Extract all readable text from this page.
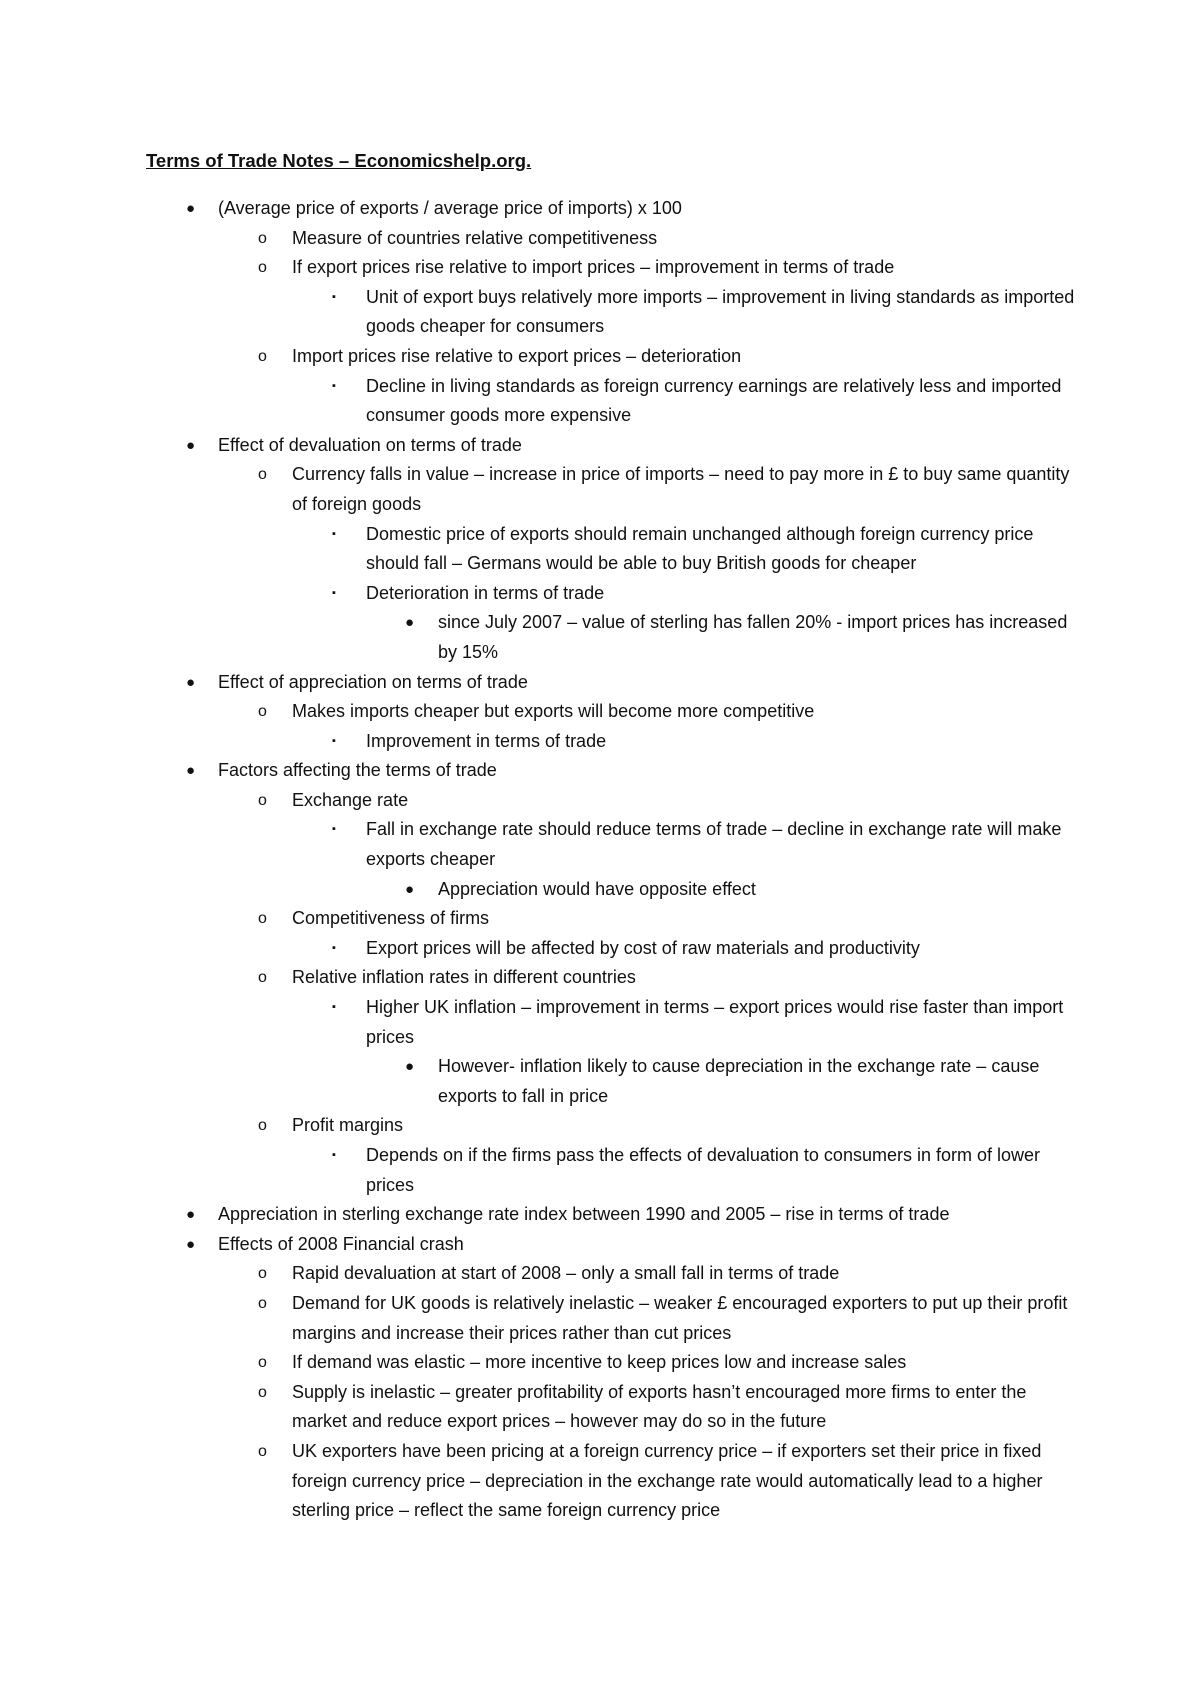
Terms of Trade Notes – Economicshelp.org.
● (Average price of exports / average price of imports) x 100
o Measure of countries relative competitiveness
o If export prices rise relative to import prices – improvement in terms of trade
▪ Unit of export buys relatively more imports – improvement in living standards as imported goods cheaper for consumers
o Import prices rise relative to export prices – deterioration
▪ Decline in living standards as foreign currency earnings are relatively less and imported consumer goods more expensive
● Effect of devaluation on terms of trade
o Currency falls in value – increase in price of imports – need to pay more in £ to buy same quantity of foreign goods
▪ Domestic price of exports should remain unchanged although foreign currency price should fall – Germans would be able to buy British goods for cheaper
▪ Deterioration in terms of trade
● since July 2007 – value of sterling has fallen 20% - import prices has increased by 15%
● Effect of appreciation on terms of trade
o Makes imports cheaper but exports will become more competitive
▪ Improvement in terms of trade
● Factors affecting the terms of trade
o Exchange rate
▪ Fall in exchange rate should reduce terms of trade – decline in exchange rate will make exports cheaper
● Appreciation would have opposite effect
o Competitiveness of firms
▪ Export prices will be affected by cost of raw materials and productivity
o Relative inflation rates in different countries
▪ Higher UK inflation – improvement in terms – export prices would rise faster than import prices
● However- inflation likely to cause depreciation in the exchange rate – cause exports to fall in price
o Profit margins
▪ Depends on if the firms pass the effects of devaluation to consumers in form of lower prices
● Appreciation in sterling exchange rate index between 1990 and 2005 – rise in terms of trade
● Effects of 2008 Financial crash
o Rapid devaluation at start of 2008 – only a small fall in terms of trade
o Demand for UK goods is relatively inelastic – weaker £ encouraged exporters to put up their profit margins and increase their prices rather than cut prices
o If demand was elastic – more incentive to keep prices low and increase sales
o Supply is inelastic – greater profitability of exports hasn’t encouraged more firms to enter the market and reduce export prices – however may do so in the future
o UK exporters have been pricing at a foreign currency price – if exporters set their price in fixed foreign currency price – depreciation in the exchange rate would automatically lead to a higher sterling price – reflect the same foreign currency price
